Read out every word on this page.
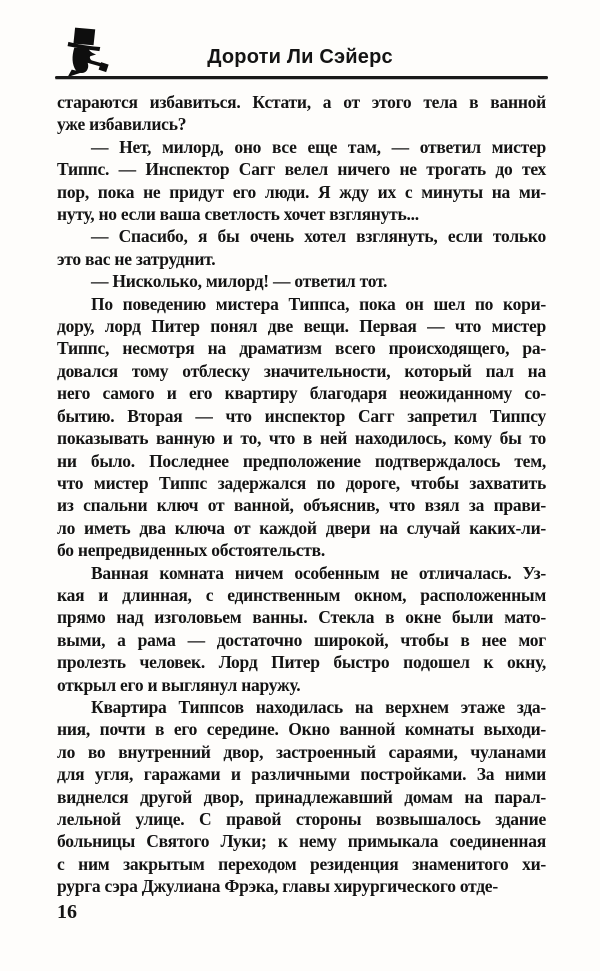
Дороти Ли Сэйерс

стараются избавиться. Кстати, а от этого тела в ванной
уже избавились?

— Нет, милорд, оно все еще там, — ответил мистер
Типпс. — Инспектор Сагг велел ничего не трогать до тех
пор, пока не придут его люди. Я жду их с минуты на ми-
нуту, но если ваша светлость хочет взглянуть...

— Спасибо, я бы очень хотел взглянуть, если только
это вас не затруднит.

— Нисколько, милорд! — ответил тот.

По поведению мистера Типпса, пока он шел по кори-
дору, лорд Питер понял две вещи. Первая — что мистер
Типпс, несмотря на драматизм всего происходящего, ра-
довался тому отблеску значительности, который пал на
него самого и его квартиру благодаря неожиданному со-
бытию. Вторая — что инспектор Сагг запретил Типпсу
показывать ванную и то, что в ней находилось, кому бы то
ни было. Последнее предположение подтверждалось тем,
что мистер Типпс задержался по дороге, чтобы захватить
из спальни ключ от ванной, объяснив, что взял за прави-
ло иметь два ключа от каждой двери на случай каких-ли-
бо непредвиденных обстоятельств.

Ванная комната ничем особенным не отличалась. Уз-
кая и длинная, с единственным окном, расположенным
прямо над изголовьем ванны. Стекла в окне были мато-
выми, а рама — достаточно широкой, чтобы в нее мог
пролезть человек. Лорд Питер быстро подошел к окну,
открыл его и выглянул наружу.

Квартира Типпсов находилась на верхнем этаже зда-
ния, почти в его середине. Окно ванной комнаты выходи-
ло во внутренний двор, застроенный сараями, чуланами
для угля, гаражами и различными постройками. За ними
виднелся другой двор, принадлежавший домам на парал-
лельной улице. С правой стороны возвышалось здание
больницы Святого Луки; к нему примыкала соединенная
с ним закрытым переходом резиденция знаменитого хи-
рурга сэра Джулиана Фрэка, главы хирургического отде-

16
